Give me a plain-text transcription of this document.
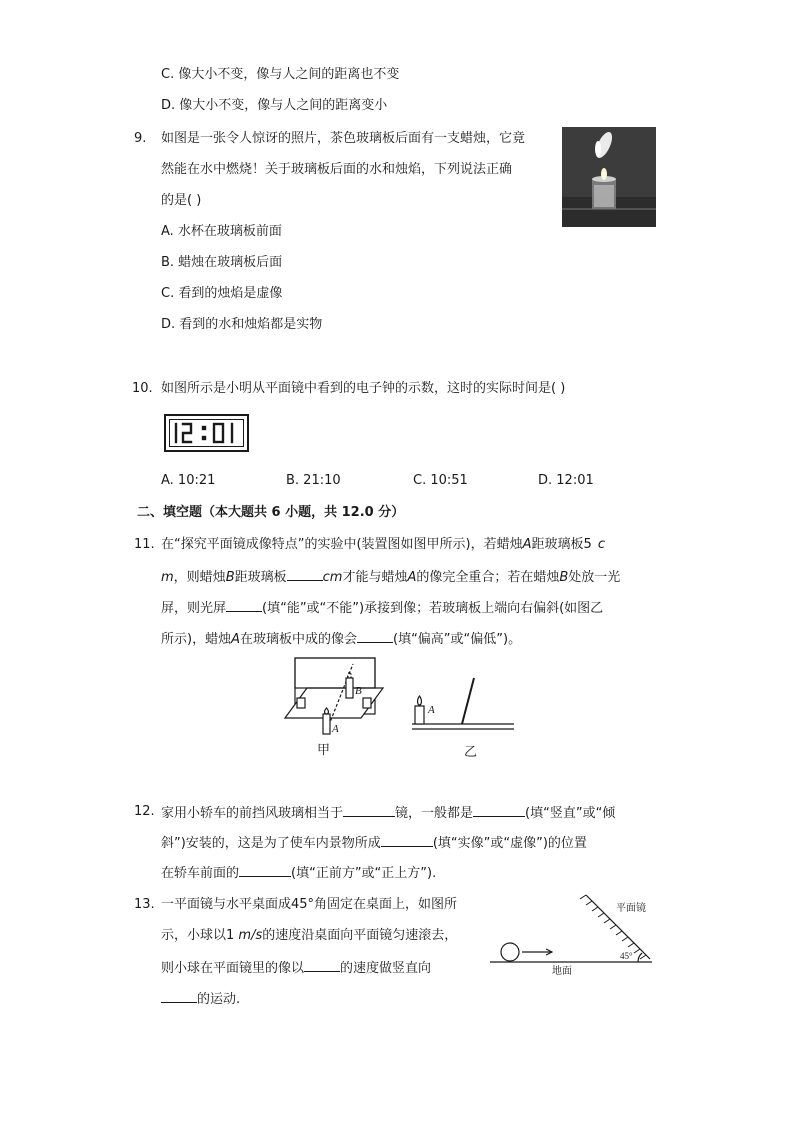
C. 像大小不变，像与人之间的距离也不变
D. 像大小不变，像与人之间的距离变小
9. 如图是一张令人惊讶的照片，茶色玻璃板后面有一支蜡烛，它竟
然能在水中燃烧！关于玻璃板后面的水和烛焰，下列说法正确
的是( )
A. 水杯在玻璃板前面
B. 蜡烛在玻璃板后面
C. 看到的烛焰是虚像
D. 看到的水和烛焰都是实物
10. 如图所示是小明从平面镜中看到的电子钟的示数，这时的实际时间是( )
A. 10:21	B. 21:10	C. 10:51	D. 12:01
二、填空题（本大题共 6 小题，共 12.0 分）
11. 在“探究平面镜成像特点”的实验中(装置图如图甲所示)，若蜡烛A距玻璃板5 c
m，则蜡烛B距玻璃板	cm才能与蜡烛A的像完全重合；若在蜡烛B处放一光
屏，则光屏	(填“能”或“不能”)承接到像；若玻璃板上端向右偏斜(如图乙
所示)，蜡烛A在玻璃板中成的像会	(填“偏高”或“偏低”)。
A
B
甲
A
乙
12. 家用小轿车的前挡风玻璃相当于	镜，一般都是	(填“竖直”或“倾
斜”)安装的，这是为了使车内景物所成	(填“实像”或“虚像”)的位置
在轿车前面的	(填“正前方”或“正上方”).
13. 一平面镜与水平桌面成45°角固定在桌面上，如图所
示，小球以1 m/s的速度沿桌面向平面镜匀速滚去，
则小球在平面镜里的像以	的速度做竖直向
的运动.
平面镜
45°
地面
